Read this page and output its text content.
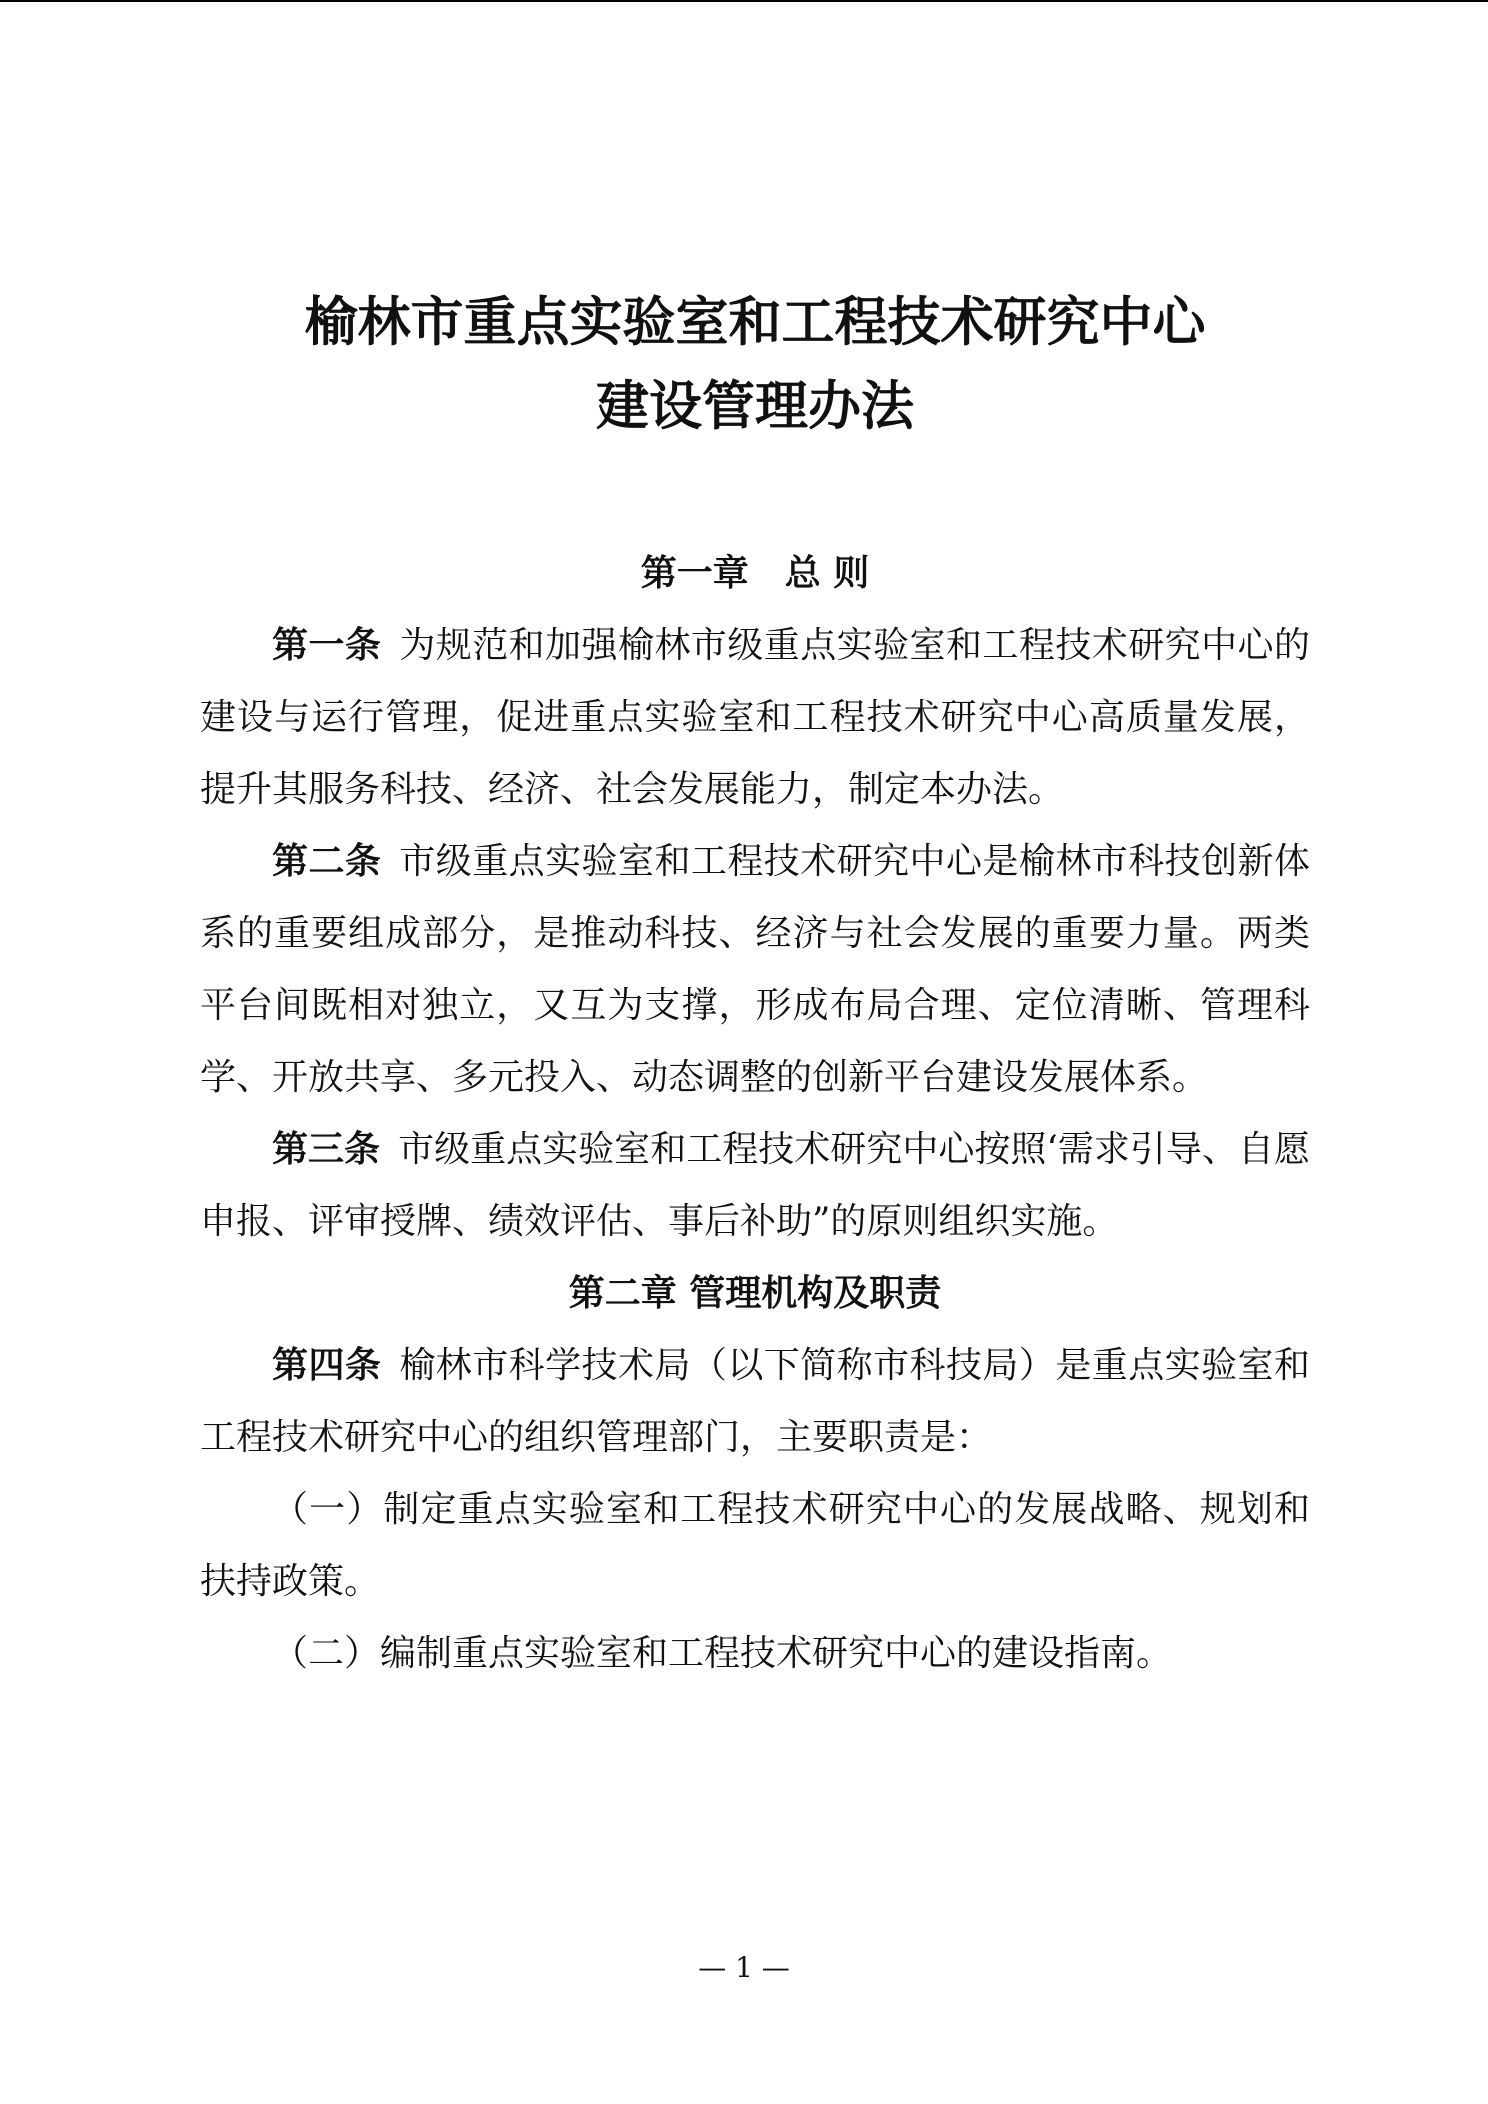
榆林市重点实验室和工程技术研究中心
建设管理办法
第一章　总 则

第一条 为规范和加强榆林市级重点实验室和工程技术研究中心的建设与运行管理，促进重点实验室和工程技术研究中心高质量发展，提升其服务科技、经济、社会发展能力，制定本办法。

第二条 市级重点实验室和工程技术研究中心是榆林市科技创新体系的重要组成部分，是推动科技、经济与社会发展的重要力量。两类平台间既相对独立，又互为支撑，形成布局合理、定位清晰、管理科学、开放共享、多元投入、动态调整的创新平台建设发展体系。

第三条 市级重点实验室和工程技术研究中心按照‘需求引导、自愿申报、评审授牌、绩效评估、事后补助”的原则组织实施。

第二章 管理机构及职责

第四条 榆林市科学技术局（以下简称市科技局）是重点实验室和工程技术研究中心的组织管理部门，主要职责是：

（一）制定重点实验室和工程技术研究中心的发展战略、规划和扶持政策。

（二）编制重点实验室和工程技术研究中心的建设指南。

— 1 —
